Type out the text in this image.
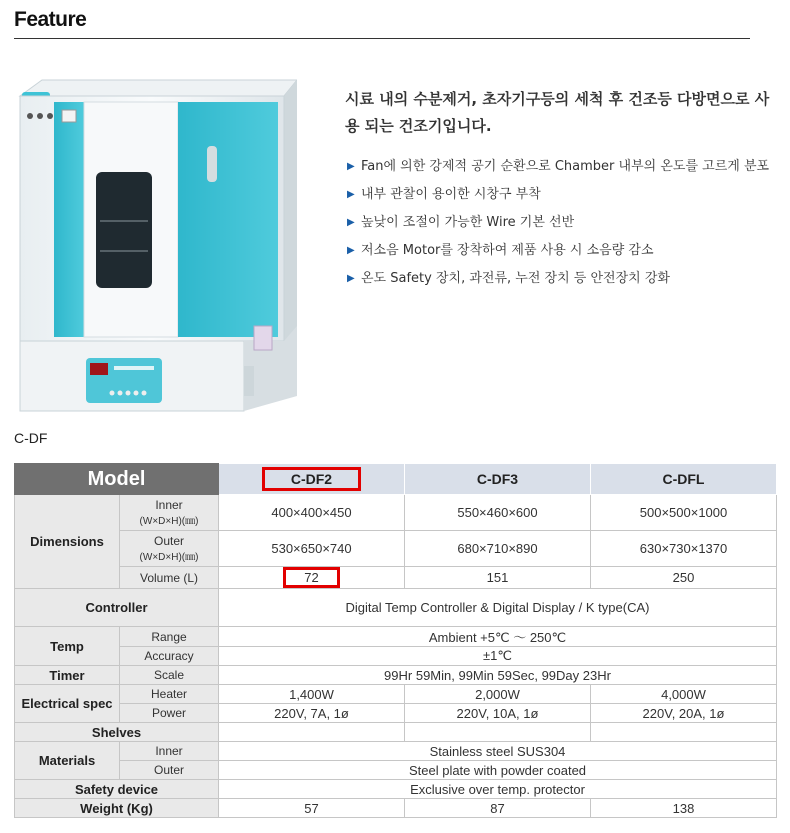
Feature
C-DF
시료 내의 수분제거, 초자기구등의 세척 후 건조등 다방면으로 사용 되는 건조기입니다.
▶ Fan에 의한 강제적 공기 순환으로 Chamber 내부의 온도를 고르게 분포
▶ 내부 관찰이 용이한 시창구 부착
▶ 높낮이 조절이 가능한 Wire 기본 선반
▶ 저소음 Motor를 장착하여 제품 사용 시 소음량 감소
▶ 온도 Safety 장치, 과전류, 누전 장치 등 안전장치 강화
Model		C-DF2	C-DF3	C-DFL
Dimensions	Inner
(W×D×H)(㎜)	400×400×450	550×460×600	500×500×1000

	Outer
(W×D×H)(㎜)	530×650×740	680×710×890	630×730×1370
	Volume (L)	72	151	250
Controller		Digital Temp Controller & Digital Display / K type(CA)		
Temp	Range	Ambient +5℃ ～ 250℃		
	Accuracy	±1℃		
Timer	Scale	99Hr 59Min, 99Min 59Sec, 99Day 23Hr		
Electrical spec	Heater	1,400W	2,000W	4,000W
	Power	220V, 7A, 1ø	220V, 10A, 1ø	220V, 20A, 1ø
Shelves				
Materials	Inner	Stainless steel SUS304		
	Outer	Steel plate with powder coated		
Safety device		Exclusive over temp. protector		
Weight (Kg)		57	87	138
